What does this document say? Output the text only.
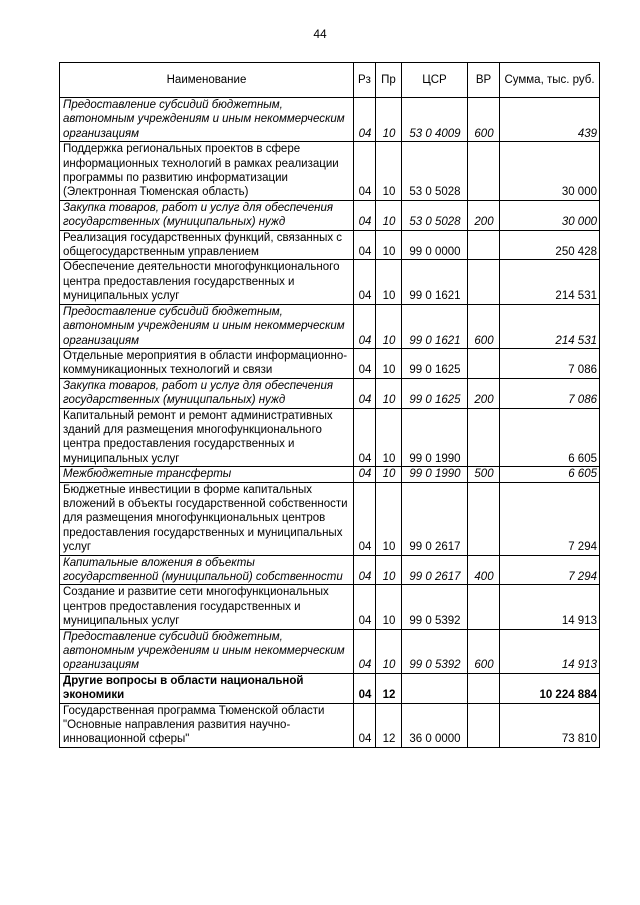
44
Наименование	Рз	Пр	ЦСР	ВР	Сумма, тыс. руб.
Предоставление субсидий бюджетным, автономным учреждениям и иным некоммерческим организациям	04	10	53 0 4009	600	439
Поддержка региональных проектов в сфере информационных технологий в рамках реализации программы по развитию информатизации (Электронная Тюменская область)	04	10	53 0 5028		30 000
Закупка товаров, работ и услуг для обеспечения государственных (муниципальных) нужд	04	10	53 0 5028	200	30 000
Реализация государственных функций, связанных с общегосударственным управлением	04	10	99 0 0000		250 428
Обеспечение деятельности многофункционального центра предоставления государственных и муниципальных услуг	04	10	99 0 1621		214 531
Предоставление субсидий бюджетным, автономным учреждениям и иным некоммерческим организациям	04	10	99 0 1621	600	214 531
Отдельные мероприятия в области информационно-коммуникационных технологий и связи	04	10	99 0 1625		7 086
Закупка товаров, работ и услуг для обеспечения государственных (муниципальных) нужд	04	10	99 0 1625	200	7 086
Капитальный ремонт и ремонт административных зданий для размещения многофункционального центра предоставления государственных и муниципальных услуг	04	10	99 0 1990		6 605
Межбюджетные трансферты	04	10	99 0 1990	500	6 605
Бюджетные инвестиции в форме капитальных вложений в объекты государственной собственности для размещения многофункциональных центров предоставления государственных и муниципальных услуг	04	10	99 0 2617		7 294
Капитальные вложения в объекты государственной (муниципальной) собственности	04	10	99 0 2617	400	7 294
Создание и развитие сети многофункциональных центров предоставления государственных и муниципальных услуг	04	10	99 0 5392		14 913
Предоставление субсидий бюджетным, автономным учреждениям и иным некоммерческим организациям	04	10	99 0 5392	600	14 913
Другие вопросы в области национальной экономики	04	12			10 224 884
Государственная программа Тюменской области "Основные направления развития научно-инновационной сферы"	04	12	36 0 0000		73 810
